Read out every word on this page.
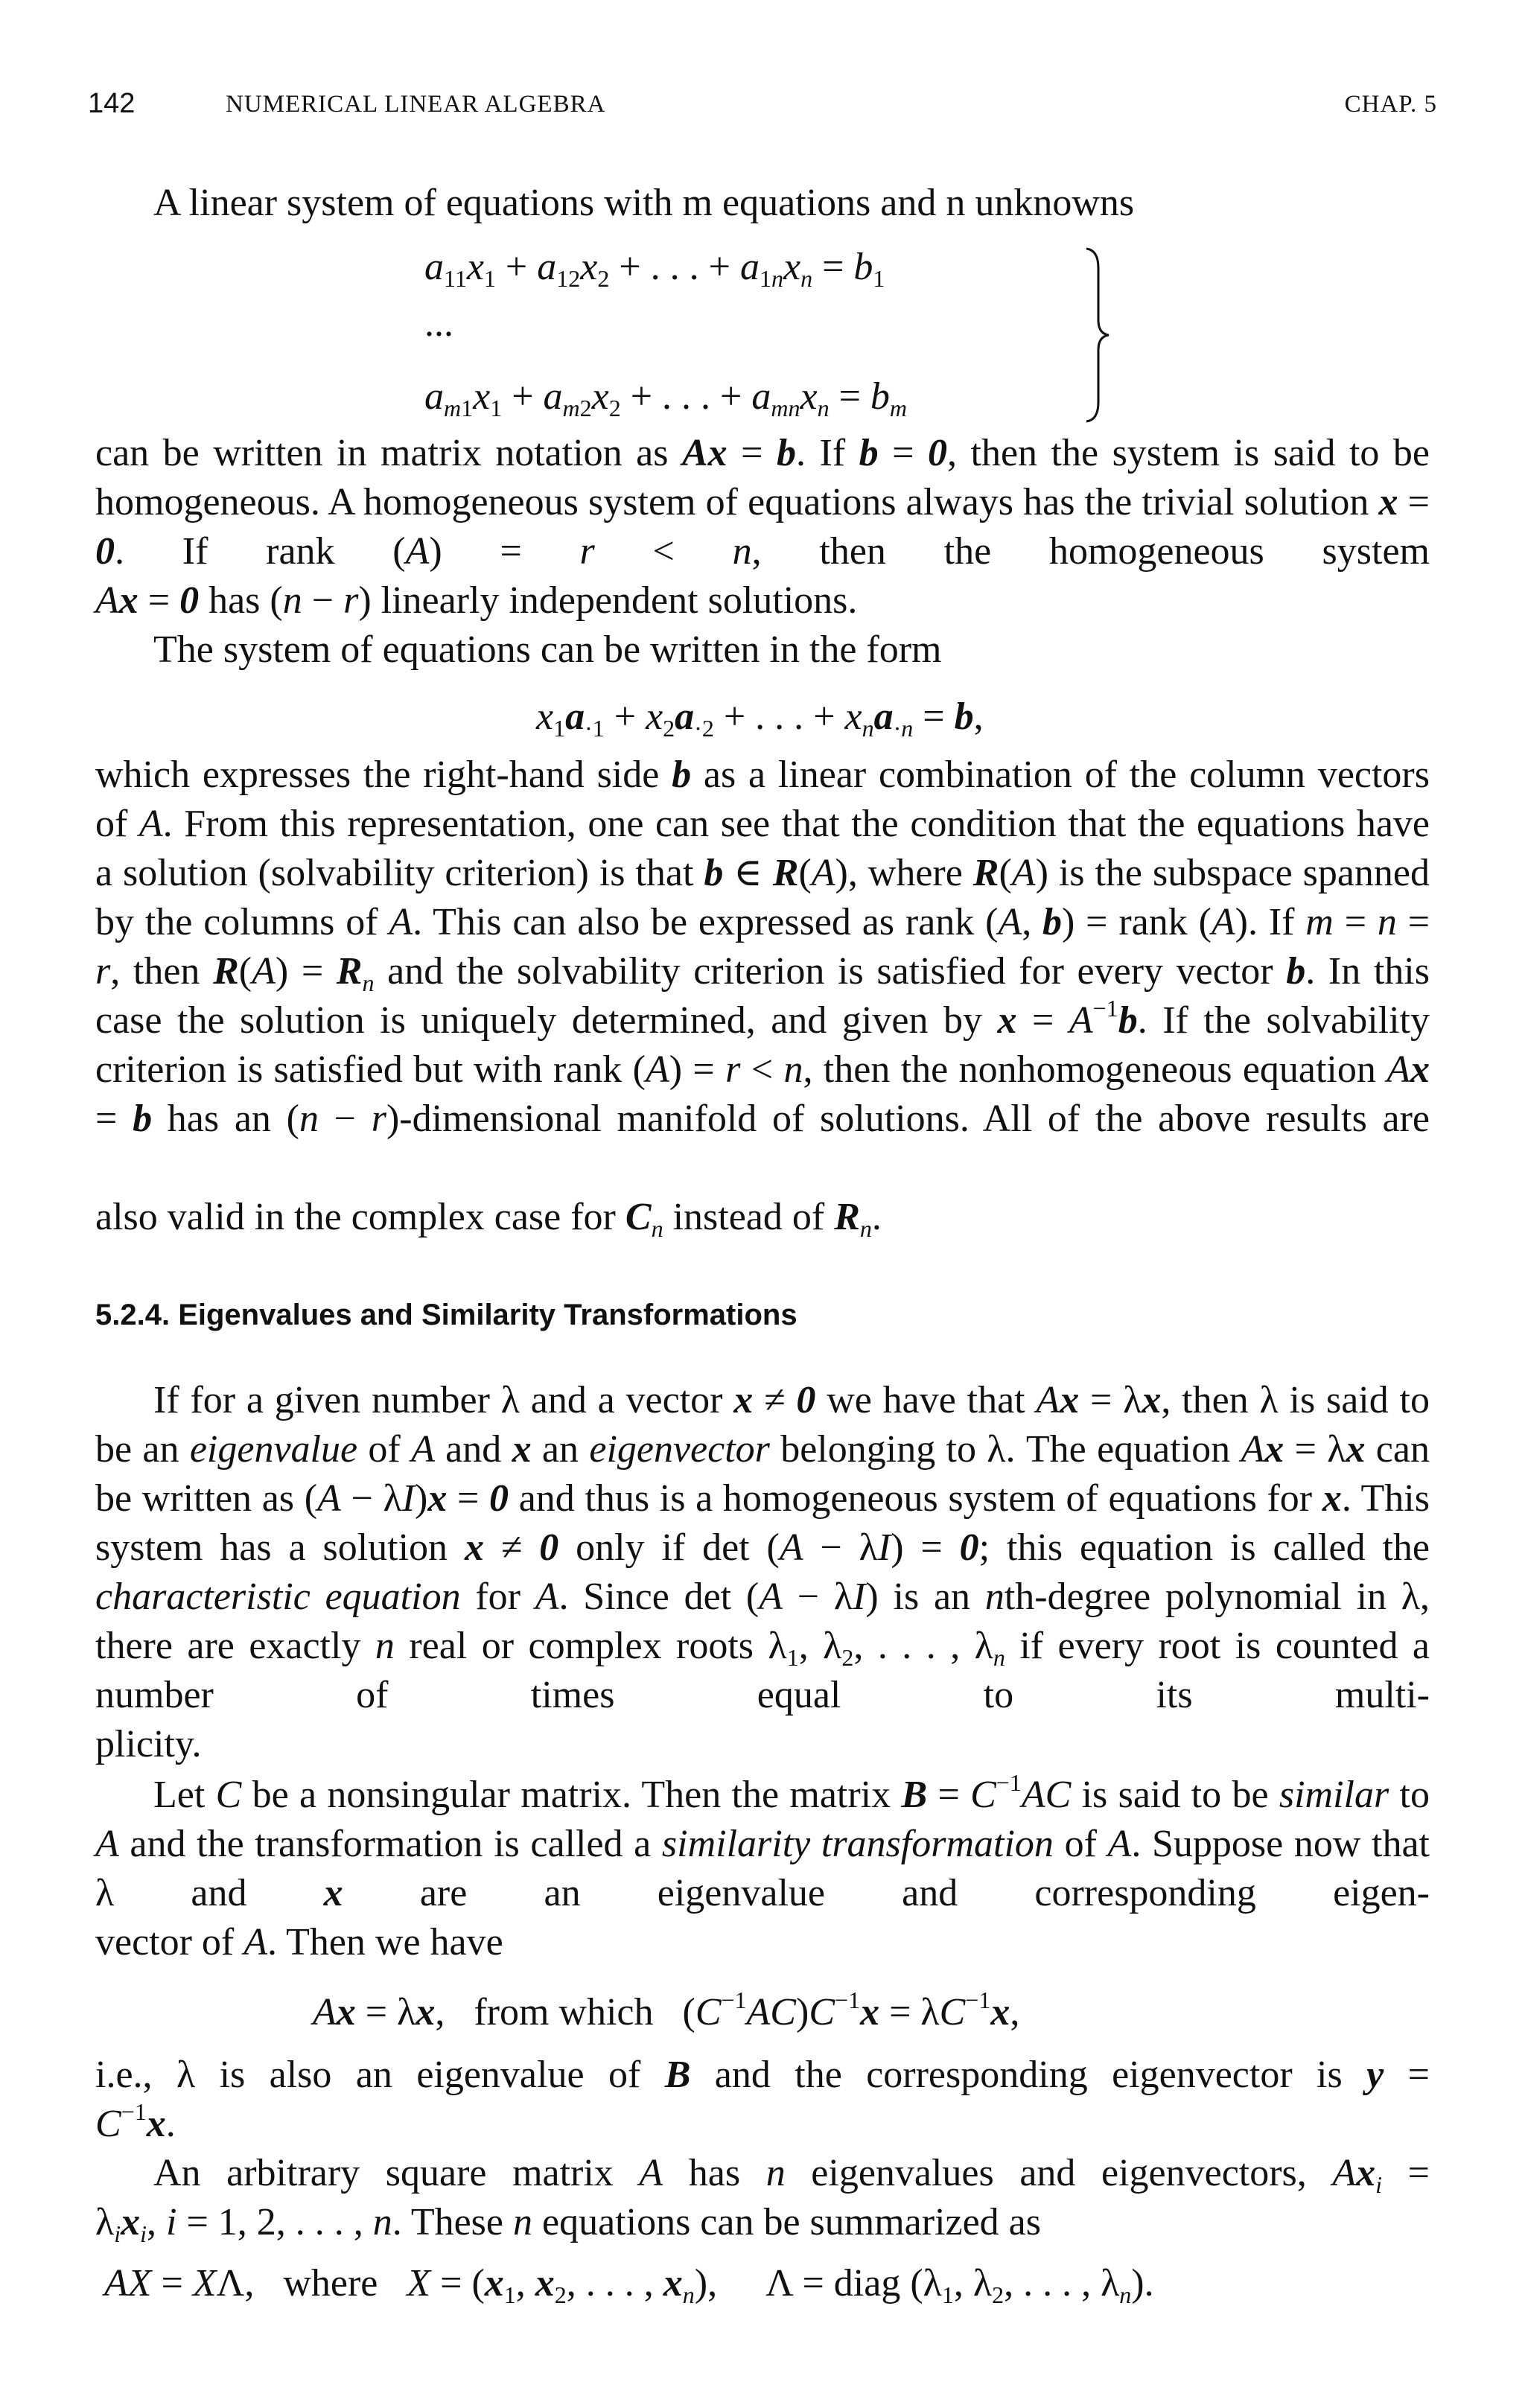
142	NUMERICAL LINEAR ALGEBRA	CHAP. 5
A linear system of equations with m equations and n unknowns
$a_{11}x_1 + a_{12}x_2$ + . . . + $a_{1n}x_n = b_1$
...
$a_{m1}x_1 + a_{m2}x_2$ + . . . + $a_{mn}x_n = b_m$
can be written in matrix notation as Ax = b. If b = 0, then the system is said to be homogeneous. A homogeneous system of equations always has the trivial solution x = 0. If rank (A) = r < n, then the homogeneous system
Ax = 0 has (n − r) linearly independent solutions.
The system of equations can be written in the form
$x_1a_{\cdot 1} + x_2a_{\cdot 2}$ + . . . + $x_na_{\cdot n} = b$,
which expresses the right-hand side b as a linear combination of the column vectors of A. From this representation, one can see that the condition that the equations have a solution (solvability criterion) is that b ∈ R(A), where R(A) is the subspace spanned by the columns of A. This can also be expressed as rank (A, b) = rank (A). If m = n = r, then $R(A) = R_n$ and the solvability criterion is satisfied for every vector b. In this case the solution is uniquely determined, and given by $x = A^{-1}b$. If the solvability criterion is satisfied but with rank (A) = r < n, then the nonhomogeneous equation Ax = b has an (n − r)-dimensional manifold of solutions. All of the above results are
also valid in the complex case for $C_n$ instead of $R_n$.
5.2.4. Eigenvalues and Similarity Transformations
If for a given number λ and a vector x ≠ 0 we have that Ax = λx, then λ is said to be an eigenvalue of A and x an eigenvector belonging to λ. The equation Ax = λx can be written as (A − λI)x = 0 and thus is a homogeneous system of equations for x. This system has a solution x ≠ 0 only if det (A − λI) = 0; this equation is called the characteristic equation for A. Since det (A − λI) is an nth-degree polynomial in λ, there are exactly n real or complex roots $\lambda_1$, $\lambda_2$, . . . , $\lambda_n$ if every root is counted a number of times equal to its multi-
plicity.
Let C be a nonsingular matrix. Then the matrix $B = C^{-1}AC$ is said to be similar to A and the transformation is called a similarity transformation of A. Suppose now that λ and x are an eigenvalue and corresponding eigen-
vector of A. Then we have
Ax = λx,   from which   $(C^{-1}AC)C^{-1}x = \lambda C^{-1}x$,
i.e., λ is also an eigenvalue of B and the corresponding eigenvector is y =
$C^{-1}x$.
An arbitrary square matrix A has n eigenvalues and eigenvectors, $Ax_i$ =
$\lambda_ix_i$, i = 1, 2, . . . , n. These n equations can be summarized as
AX = XΛ,   where $X = (x_1$, $x_2$, . . . , $x_n$),     Λ = diag ($\lambda_1$, $\lambda_2$, . . . , $\lambda_n$).
